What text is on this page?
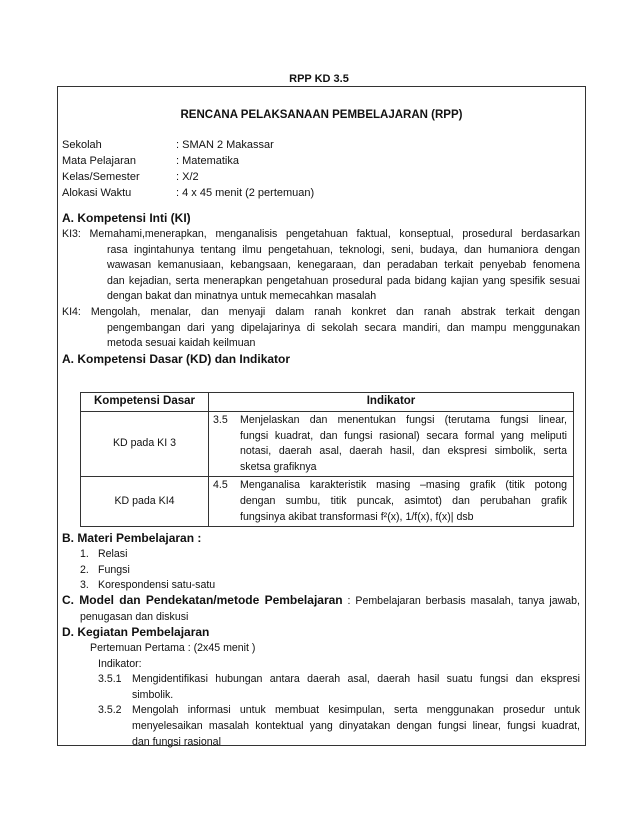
RPP KD 3.5
RENCANA PELAKSANAAN PEMBELAJARAN (RPP)
Sekolah	: SMAN 2 Makassar
Mata Pelajaran	: Matematika
Kelas/Semester	: X/2
Alokasi Waktu	: 4 x 45 menit (2 pertemuan)
A. Kompetensi Inti (KI)

KI3: Memahami,menerapkan, menganalisis pengetahuan faktual, konseptual, prosedural berdasarkan

rasa ingintahunya tentang ilmu pengetahuan, teknologi, seni, budaya, dan humaniora dengan

wawasan kemanusiaan, kebangsaan, kenegaraan, dan peradaban terkait penyebab fenomena

dan kejadian, serta menerapkan pengetahuan prosedural pada bidang kajian yang spesifik sesuai

dengan bakat dan minatnya untuk memecahkan masalah

KI4: Mengolah, menalar, dan menyaji dalam ranah konkret dan ranah abstrak terkait dengan

pengembangan dari yang dipelajarinya di sekolah secara mandiri, dan mampu menggunakan

metoda sesuai kaidah keilmuan

A. Kompetensi Dasar (KD) dan Indikator
Kompetensi Dasar	Indikator
KD pada KI 3	3.5 Menjelaskan dan menentukan fungsi (terutama fungsi linear,
fungsi kuadrat, dan fungsi rasional) secara formal yang meliputi
notasi, daerah asal, daerah hasil, dan ekspresi simbolik, serta
sketsa grafiknya

KD pada KI4	4.5 Menganalisa karakteristik masing –masing grafik (titik potong
dengan sumbu, titik puncak, asimtot) dan perubahan grafik
fungsinya akibat transformasi f²(x), 1/f(x), f(x)| dsb
B. Materi Pembelajaran :
1. Relasi
2. Fungsi
3. Korespondensi satu-satu

C. Model dan Pendekatan/metode Pembelajaran : Pembelajaran berbasis masalah, tanya jawab,

penugasan dan diskusi

D. Kegiatan Pembelajaran
Pertemuan Pertama : (2x45 menit )
Indikator:
3.5.1 Mengidentifikasi hubungan antara daerah asal, daerah hasil suatu fungsi dan ekspresi

simbolik.

3.5.2 Mengolah informasi untuk membuat kesimpulan, serta menggunakan prosedur untuk

menyelesaikan masalah kontektual yang dinyatakan dengan fungsi linear, fungsi kuadrat,

dan fungsi rasional
